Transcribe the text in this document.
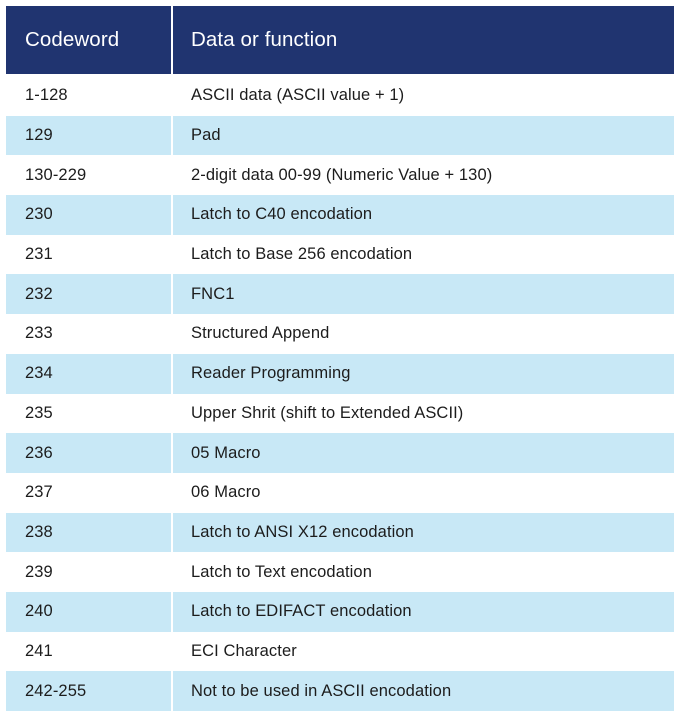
Codeword	Data or function
1-128	ASCII data (ASCII value + 1)
129	Pad
130-229	2-digit data 00-99 (Numeric Value + 130)
230	Latch to C40 encodation
231	Latch to Base 256 encodation
232	FNC1
233	Structured Append
234	Reader Programming
235	Upper Shrit (shift to Extended ASCII)
236	05 Macro
237	06 Macro
238	Latch to ANSI X12 encodation
239	Latch to Text encodation
240	Latch to EDIFACT encodation
241	ECI Character
242-255	Not to be used in ASCII encodation
